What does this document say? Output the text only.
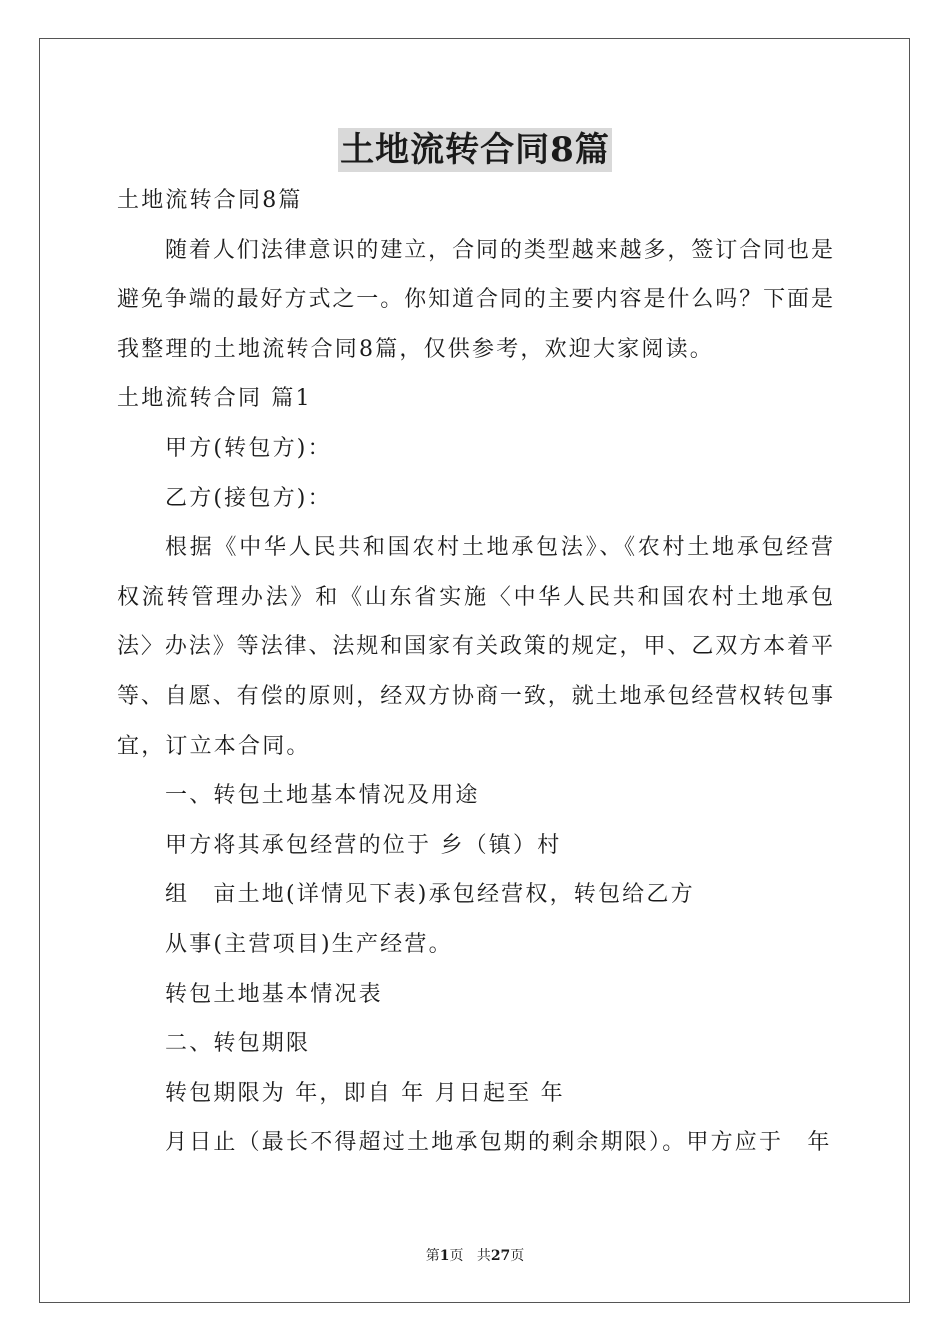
土地流转合同8篇
土地流转合同8篇
随着人们法律意识的建立，合同的类型越来越多，签订合同也是
避免争端的最好方式之一。你知道合同的主要内容是什么吗？下面是
我整理的土地流转合同8篇，仅供参考，欢迎大家阅读。
土地流转合同 篇1
甲方(转包方)：
乙方(接包方)：
根据《中华人民共和国农村土地承包法》、《农村土地承包经营
权流转管理办法》和《山东省实施〈中华人民共和国农村土地承包
法〉办法》等法律、法规和国家有关政策的规定，甲、乙双方本着平
等、自愿、有偿的原则，经双方协商一致，就土地承包经营权转包事
宜，订立本合同。
一、转包土地基本情况及用途
甲方将其承包经营的位于 乡（镇）村
组　亩土地(详情见下表)承包经营权，转包给乙方
从事(主营项目)生产经营。
转包土地基本情况表
二、转包期限
转包期限为 年，即自 年 月日起至 年
月日止（最长不得超过土地承包期的剩余期限）。甲方应于　年
第1页 共27页
